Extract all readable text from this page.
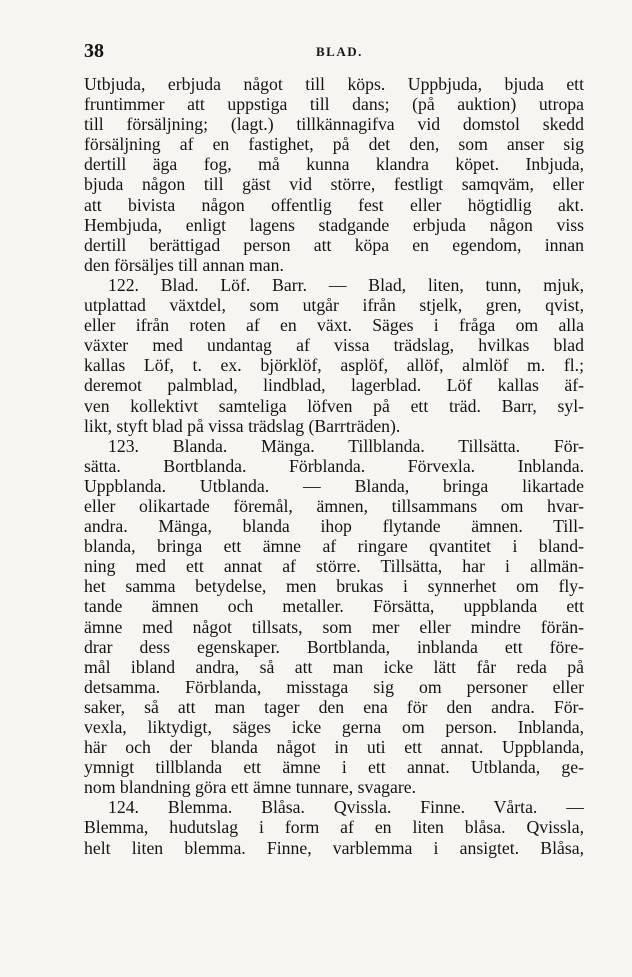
38	BLAD.
Utbjuda, erbjuda något till köps. Uppbjuda, bjuda ett
fruntimmer att uppstiga till dans; (på auktion) utropa
till försäljning; (lagt.) tillkännagifva vid domstol skedd
försäljning af en fastighet, på det den, som anser sig
dertill äga fog, må kunna klandra köpet. Inbjuda,
bjuda någon till gäst vid större, festligt samqväm, eller
att bivista någon offentlig fest eller högtidlig akt.
Hembjuda, enligt lagens stadgande erbjuda någon viss
dertill berättigad person att köpa en egendom, innan
den försäljes till annan man.
122. Blad. Löf. Barr. — Blad, liten, tunn, mjuk,
utplattad växtdel, som utgår ifrån stjelk, gren, qvist,
eller ifrån roten af en växt. Säges i fråga om alla
växter med undantag af vissa trädslag, hvilkas blad
kallas Löf, t. ex. björklöf, asplöf, allöf, almlöf m. fl.;
deremot palmblad, lindblad, lagerblad. Löf kallas äf-
ven kollektivt samteliga löfven på ett träd. Barr, syl-
likt, styft blad på vissa trädslag (Barrträden).
123. Blanda. Mänga. Tillblanda. Tillsätta. För-
sätta. Bortblanda. Förblanda. Förvexla. Inblanda.
Uppblanda. Utblanda. — Blanda, bringa likartade
eller olikartade föremål, ämnen, tillsammans om hvar-
andra. Mänga, blanda ihop flytande ämnen. Till-
blanda, bringa ett ämne af ringare qvantitet i bland-
ning med ett annat af större. Tillsätta, har i allmän-
het samma betydelse, men brukas i synnerhet om fly-
tande ämnen och metaller. Försätta, uppblanda ett
ämne med något tillsats, som mer eller mindre förän-
drar dess egenskaper. Bortblanda, inblanda ett före-
mål ibland andra, så att man icke lätt får reda på
detsamma. Förblanda, misstaga sig om personer eller
saker, så att man tager den ena för den andra. För-
vexla, liktydigt, säges icke gerna om person. Inblanda,
här och der blanda något in uti ett annat. Uppblanda,
ymnigt tillblanda ett ämne i ett annat. Utblanda, ge-
nom blandning göra ett ämne tunnare, svagare.
124. Blemma. Blåsa. Qvissla. Finne. Vårta. —
Blemma, hudutslag i form af en liten blåsa. Qvissla,
helt liten blemma. Finne, varblemma i ansigtet. Blåsa,
